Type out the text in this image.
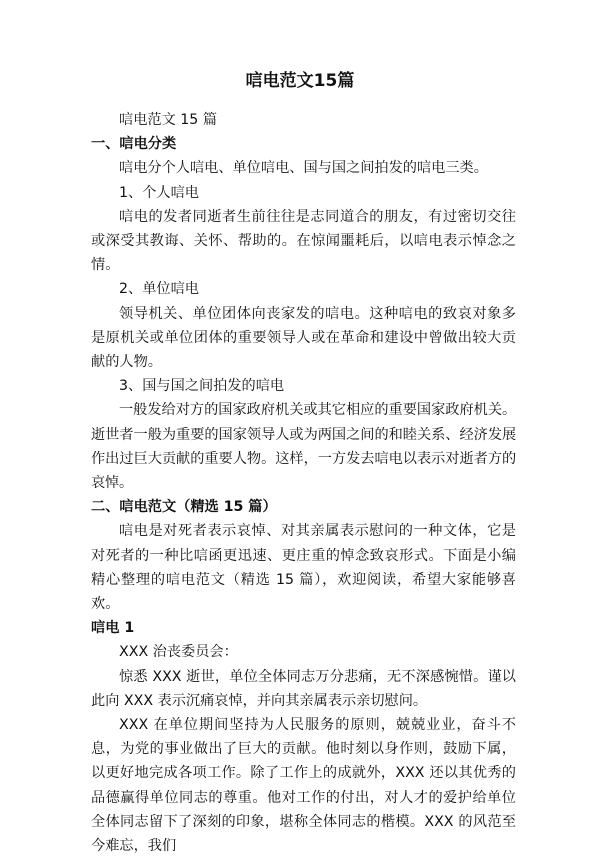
唁电范文15篇

唁电范文 15 篇

一、唁电分类

唁电分个人唁电、单位唁电、国与国之间拍发的唁电三类。

1、个人唁电

唁电的发者同逝者生前往往是志同道合的朋友，有过密切交往或深受其教诲、关怀、帮助的。在惊闻噩耗后，以唁电表示悼念之情。

2、单位唁电

领导机关、单位团体向丧家发的唁电。这种唁电的致哀对象多是原机关或单位团体的重要领导人或在革命和建设中曾做出较大贡献的人物。

3、国与国之间拍发的唁电

一般发给对方的国家政府机关或其它相应的重要国家政府机关。逝世者一般为重要的国家领导人或为两国之间的和睦关系、经济发展作出过巨大贡献的重要人物。这样，一方发去唁电以表示对逝者方的哀悼。

二、唁电范文（精选 15 篇）

唁电是对死者表示哀悼、对其亲属表示慰问的一种文体，它是对死者的一种比唁函更迅速、更庄重的悼念致哀形式。下面是小编精心整理的唁电范文（精选 15 篇），欢迎阅读，希望大家能够喜欢。

唁电 1

XXX 治丧委员会：

惊悉 XXX 逝世，单位全体同志万分悲痛，无不深感惋惜。谨以此向 XXX 表示沉痛哀悼，并向其亲属表示亲切慰问。

XXX 在单位期间坚持为人民服务的原则，兢兢业业，奋斗不息，为党的事业做出了巨大的贡献。他时刻以身作则，鼓励下属，以更好地完成各项工作。除了工作上的成就外，XXX 还以其优秀的品德赢得单位同志的尊重。他对工作的付出，对人才的爱护给单位全体同志留下了深刻的印象，堪称全体同志的楷模。XXX 的风范至今难忘，我们
